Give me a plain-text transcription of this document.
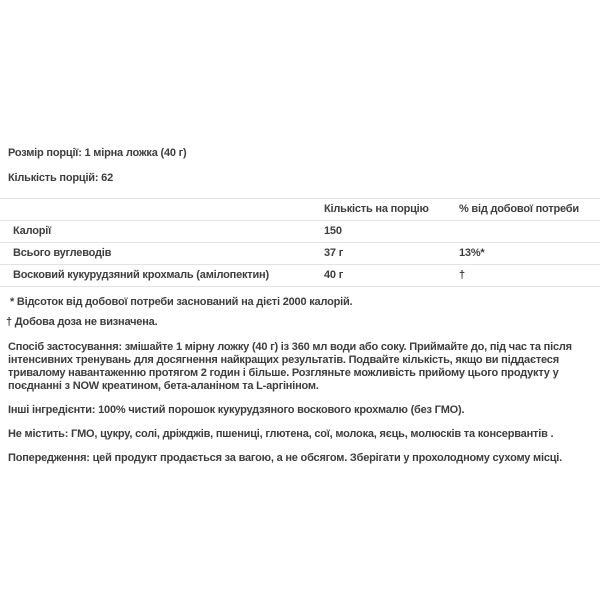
Розмір порції: 1 мірна ложка (40 г)

Кількість порцій: 62

	Кількість на порцію	% від добової потреби
Калорії	150	
Всього вуглеводів	37 г	13%*
Восковий кукурудзяний крохмаль (амілопектин)	40 г	†

* Відсоток від добової потреби заснований на дієті 2000 калорій.

† Добова доза не визначена.

Спосіб застосування: змішайте 1 мірну ложку (40 г) із 360 мл води або соку. Приймайте до, під час та після інтенсивних тренувань для досягнення найкращих результатів. Подвайте кількість, якщо ви піддаєтеся тривалому навантаженню протягом 2 годин і більше. Розгляньте можливість прийому цього продукту у поєднанні з NOW креатином, бета-аланіном та L-аргініном.

Інші інгредієнти: 100% чистий порошок кукурудзяного воскового крохмалю (без ГМО).

Не містить: ГМО, цукру, солі, дріжджів, пшениці, глютена, сої, молока, яєць, молюсків та консервантів .

Попередження: цей продукт продається за вагою, а не обсягом. Зберігати у прохолодному сухому місці.
